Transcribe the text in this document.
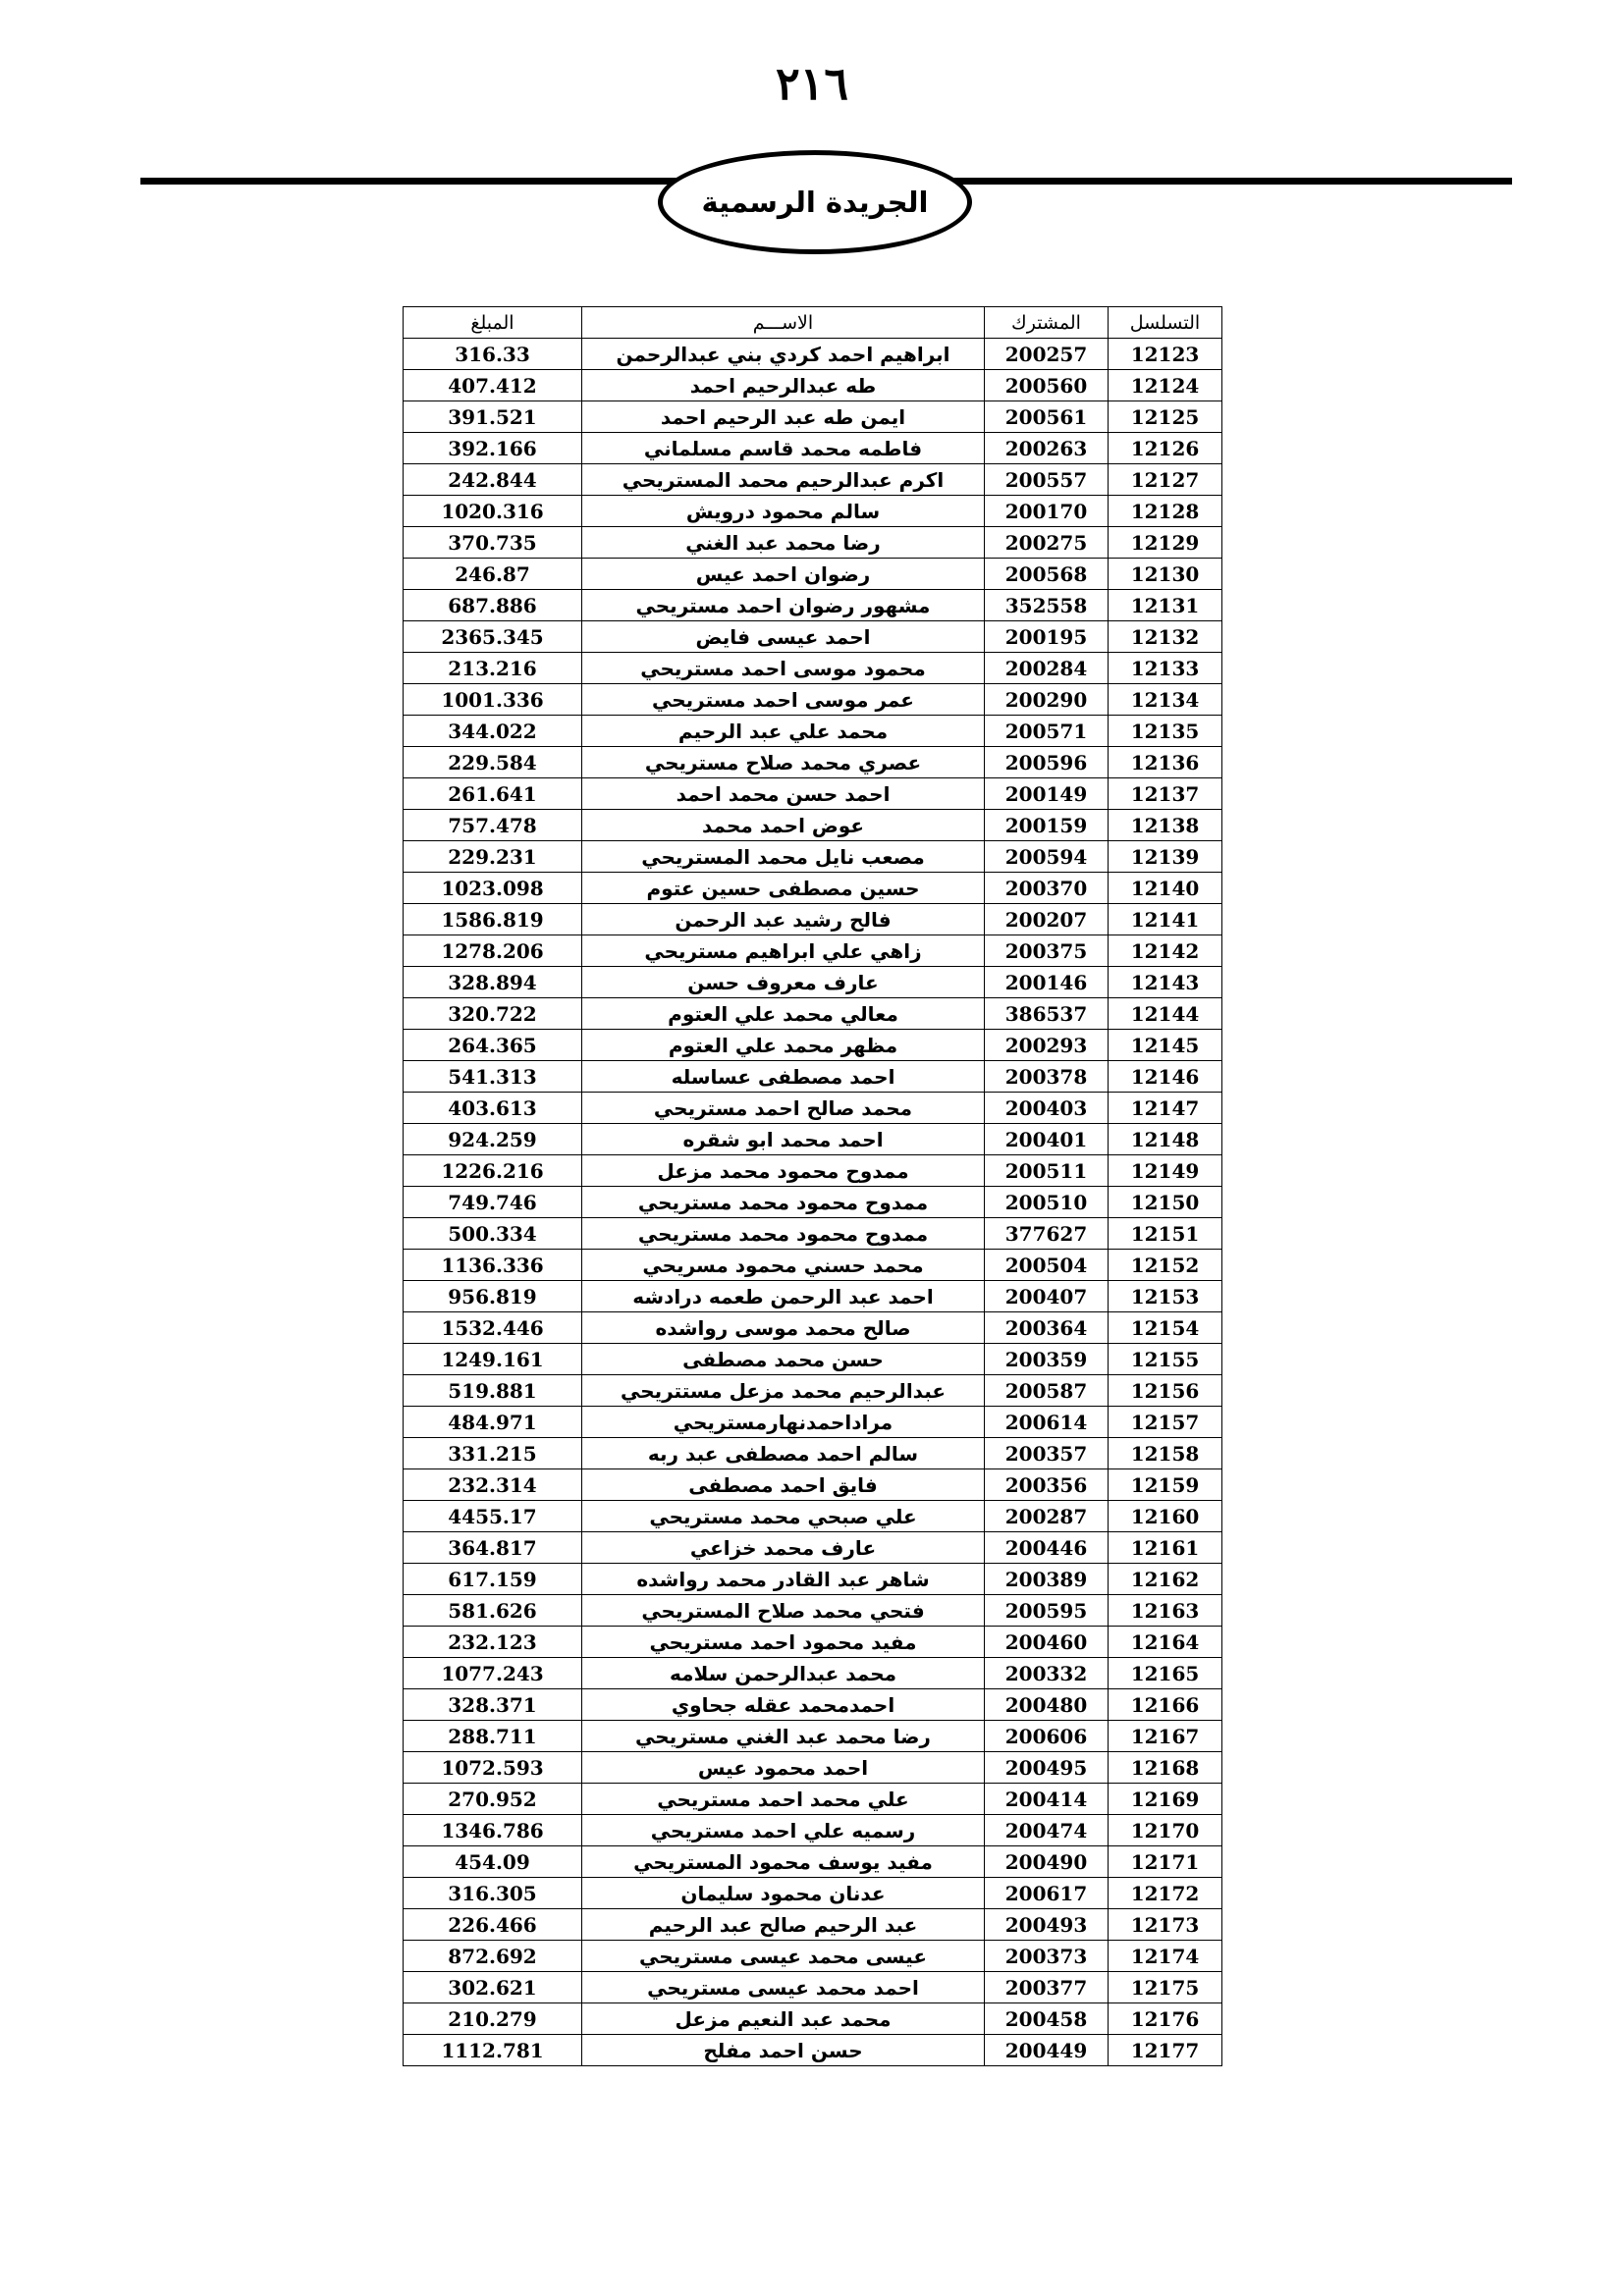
٢١٦
الجريدة الرسمية
التسلسل	المشترك	الاســـم	المبلغ
12123	200257	ابراهيم احمد كردي بني عبدالرحمن	316.33
12124	200560	طه عبدالرحيم احمد	407.412
12125	200561	ايمن طه عبد الرحيم احمد	391.521
12126	200263	فاطمه محمد قاسم مسلماني	392.166
12127	200557	اكرم عبدالرحيم محمد المستريحي	242.844
12128	200170	سالم محمود درويش	1020.316
12129	200275	رضا محمد عبد الغني	370.735
12130	200568	رضوان احمد عيس	246.87
12131	352558	مشهور رضوان احمد مستريحي	687.886
12132	200195	احمد عيسى فايض	2365.345
12133	200284	محمود موسى احمد مستريحي	213.216
12134	200290	عمر موسى احمد مستريحي	1001.336
12135	200571	محمد علي عبد الرحيم	344.022
12136	200596	عصري محمد صلاح مستريحي	229.584
12137	200149	احمد حسن محمد احمد	261.641
12138	200159	عوض احمد محمد	757.478
12139	200594	مصعب نايل محمد المستريحي	229.231
12140	200370	حسين مصطفى حسين عتوم	1023.098
12141	200207	فالح رشيد عبد الرحمن	1586.819
12142	200375	زاهي علي ابراهيم مستريحي	1278.206
12143	200146	عارف معروف حسن	328.894
12144	386537	معالي محمد علي العتوم	320.722
12145	200293	مظهر محمد علي العتوم	264.365
12146	200378	احمد مصطفى عساسله	541.313
12147	200403	محمد صالح احمد مستريحي	403.613
12148	200401	احمد محمد ابو شقره	924.259
12149	200511	ممدوح محمود محمد مزعل	1226.216
12150	200510	ممدوح محمود محمد مستريحي	749.746
12151	377627	ممدوح محمود محمد مستريحي	500.334
12152	200504	محمد حسني محمود مسريحي	1136.336
12153	200407	احمد عبد الرحمن طعمه درادشه	956.819
12154	200364	صالح محمد موسى رواشده	1532.446
12155	200359	حسن محمد مصطفى	1249.161
12156	200587	عبدالرحيم محمد مزعل مستتريحي	519.881
12157	200614	مراداحمدنهارمستريحي	484.971
12158	200357	سالم احمد مصطفى عبد ربه	331.215
12159	200356	فايق احمد مصطفى	232.314
12160	200287	علي صبحي محمد مستريحي	4455.17
12161	200446	عارف محمد خزاعي	364.817
12162	200389	شاهر عبد القادر محمد رواشده	617.159
12163	200595	فتحي محمد صلاح المستريحي	581.626
12164	200460	مفيد محمود احمد مستريحي	232.123
12165	200332	محمد عبدالرحمن سلامه	1077.243
12166	200480	احمدمحمد عقله جحاوي	328.371
12167	200606	رضا محمد عبد الغني مستريحي	288.711
12168	200495	احمد محمود عيس	1072.593
12169	200414	علي محمد احمد مستريحي	270.952
12170	200474	رسميه علي احمد مستريحي	1346.786
12171	200490	مفيد يوسف محمود المستريحي	454.09
12172	200617	عدنان محمود سليمان	316.305
12173	200493	عبد الرحيم صالح عبد الرحيم	226.466
12174	200373	عيسى محمد عيسى مستريحي	872.692
12175	200377	احمد محمد عيسى مستريحي	302.621
12176	200458	محمد عبد النعيم مزعل	210.279
12177	200449	حسن احمد مفلح	1112.781
